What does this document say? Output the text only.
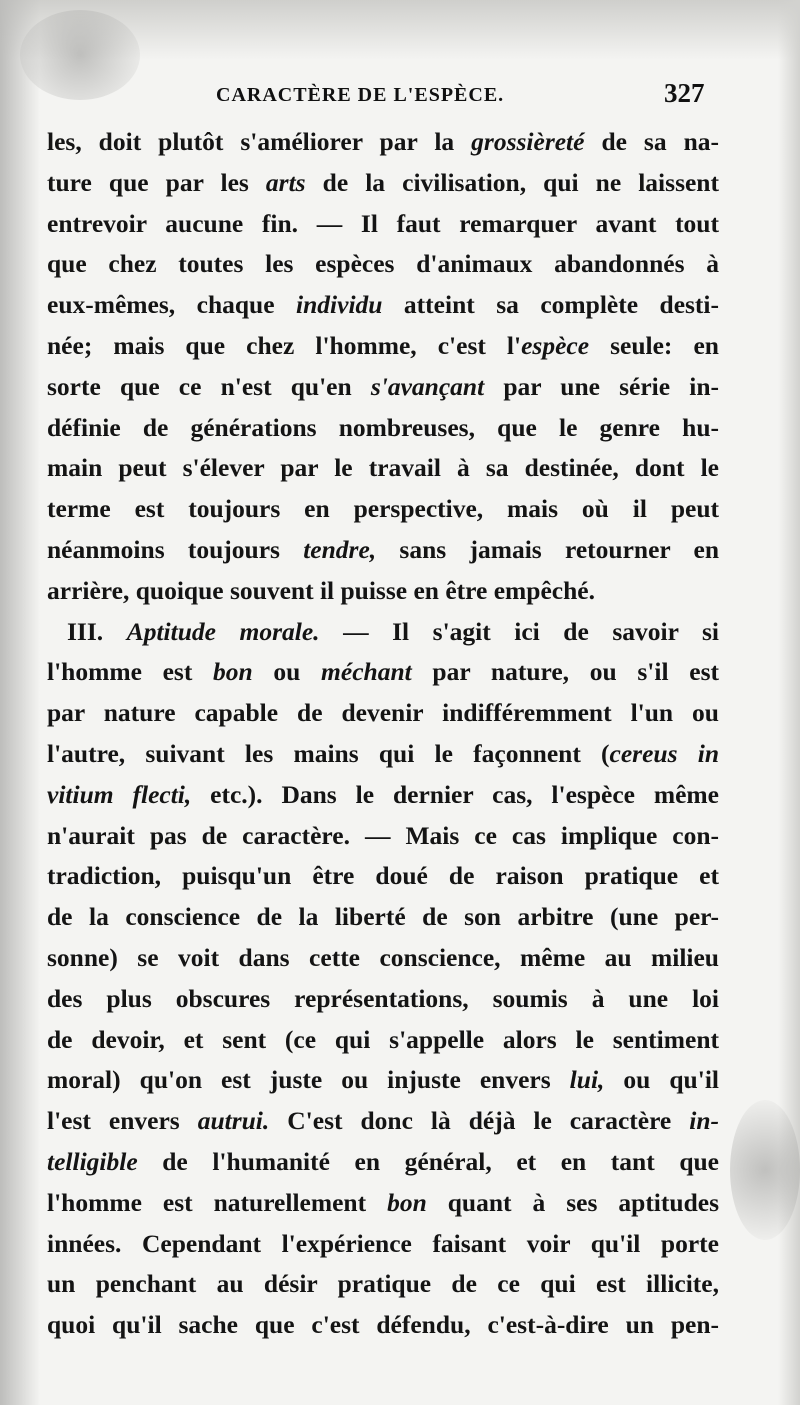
CARACTÈRE DE L'ESPÈCE.	327
les, doit plutôt s'améliorer par la grossièreté de sa na-
ture que par les arts de la civilisation, qui ne laissent
entrevoir aucune fin. — Il faut remarquer avant tout
que chez toutes les espèces d'animaux abandonnés à
eux-mêmes, chaque individu atteint sa complète desti-
née; mais que chez l'homme, c'est l'espèce seule: en
sorte que ce n'est qu'en s'avançant par une série in-
définie de générations nombreuses, que le genre hu-
main peut s'élever par le travail à sa destinée, dont le
terme est toujours en perspective, mais où il peut
néanmoins toujours tendre, sans jamais retourner en
arrière, quoique souvent il puisse en être empêché.
III. Aptitude morale. — Il s'agit ici de savoir si
l'homme est bon ou méchant par nature, ou s'il est
par nature capable de devenir indifféremment l'un ou
l'autre, suivant les mains qui le façonnent (cereus in
vitium flecti, etc.). Dans le dernier cas, l'espèce même
n'aurait pas de caractère. — Mais ce cas implique con-
tradiction, puisqu'un être doué de raison pratique et
de la conscience de la liberté de son arbitre (une per-
sonne) se voit dans cette conscience, même au milieu
des plus obscures représentations, soumis à une loi
de devoir, et sent (ce qui s'appelle alors le sentiment
moral) qu'on est juste ou injuste envers lui, ou qu'il
l'est envers autrui. C'est donc là déjà le caractère in-
telligible de l'humanité en général, et en tant que
l'homme est naturellement bon quant à ses aptitudes
innées. Cependant l'expérience faisant voir qu'il porte
un penchant au désir pratique de ce qui est illicite,
quoi qu'il sache que c'est défendu, c'est-à-dire un pen-
